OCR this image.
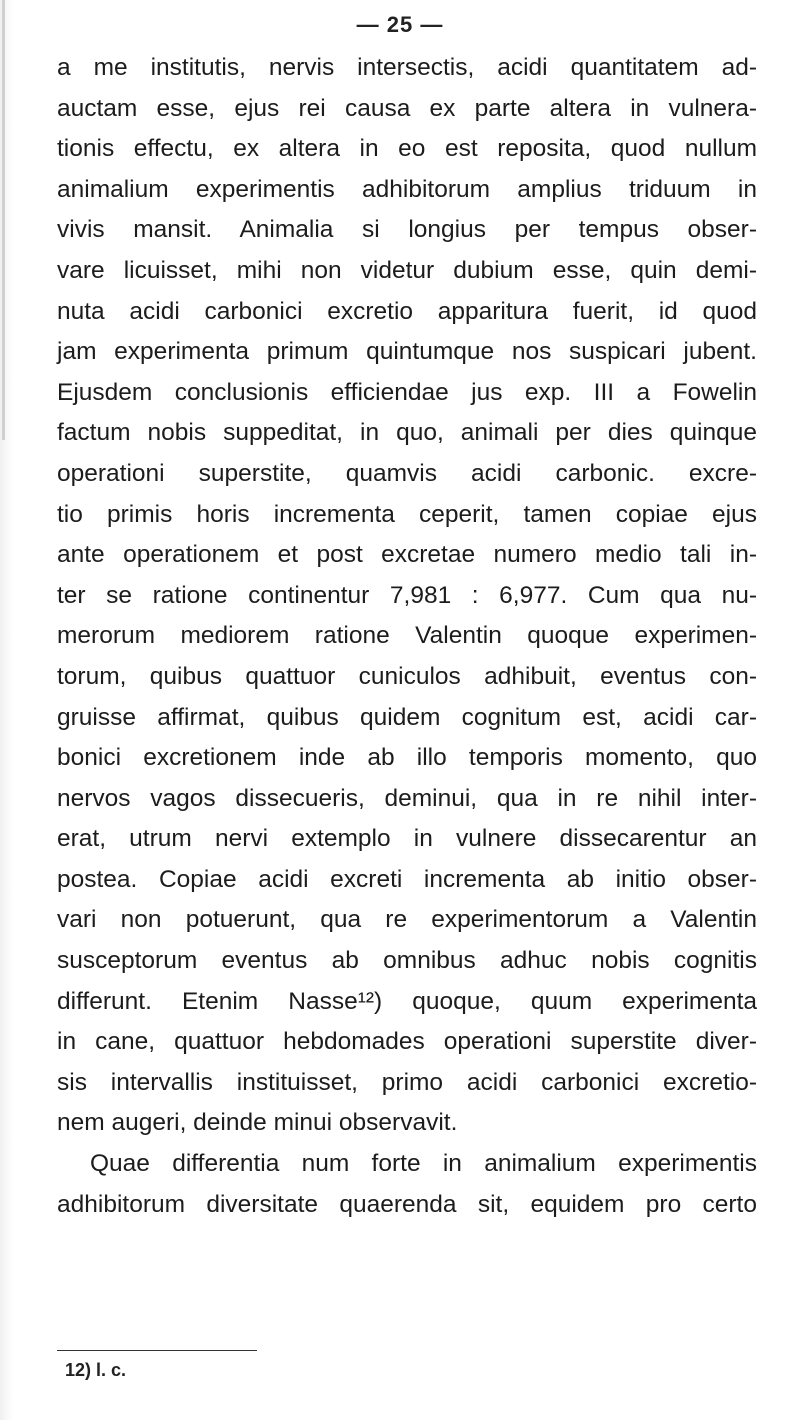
— 25 —
a me institutis, nervis intersectis, acidi quantitatem ad-
auctam esse, ejus rei causa ex parte altera in vulnera-
tionis effectu, ex altera in eo est reposita, quod nullum
animalium experimentis adhibitorum amplius triduum in
vivis mansit. Animalia si longius per tempus obser-
vare licuisset, mihi non videtur dubium esse, quin demi-
nuta acidi carbonici excretio apparitura fuerit, id quod
jam experimenta primum quintumque nos suspicari jubent.
Ejusdem conclusionis efficiendae jus exp. III a Fowelin
factum nobis suppeditat, in quo, animali per dies quinque
operationi superstite, quamvis acidi carbonic. excre-
tio primis horis incrementa ceperit, tamen copiae ejus
ante operationem et post excretae numero medio tali in-
ter se ratione continentur 7,981 : 6,977. Cum qua nu-
merorum mediorem ratione Valentin quoque experimen-
torum, quibus quattuor cuniculos adhibuit, eventus con-
gruisse affirmat, quibus quidem cognitum est, acidi car-
bonici excretionem inde ab illo temporis momento, quo
nervos vagos dissecueris, deminui, qua in re nihil inter-
erat, utrum nervi extemplo in vulnere dissecarentur an
postea. Copiae acidi excreti incrementa ab initio obser-
vari non potuerunt, qua re experimentorum a Valentin
susceptorum eventus ab omnibus adhuc nobis cognitis
differunt. Etenim Nasse¹²) quoque, quum experimenta
in cane, quattuor hebdomades operationi superstite diver-
sis intervallis instituisset, primo acidi carbonici excretio-
nem augeri, deinde minui observavit.
Quae differentia num forte in animalium experimentis
adhibitorum diversitate quaerenda sit, equidem pro certo
12) l. c.
